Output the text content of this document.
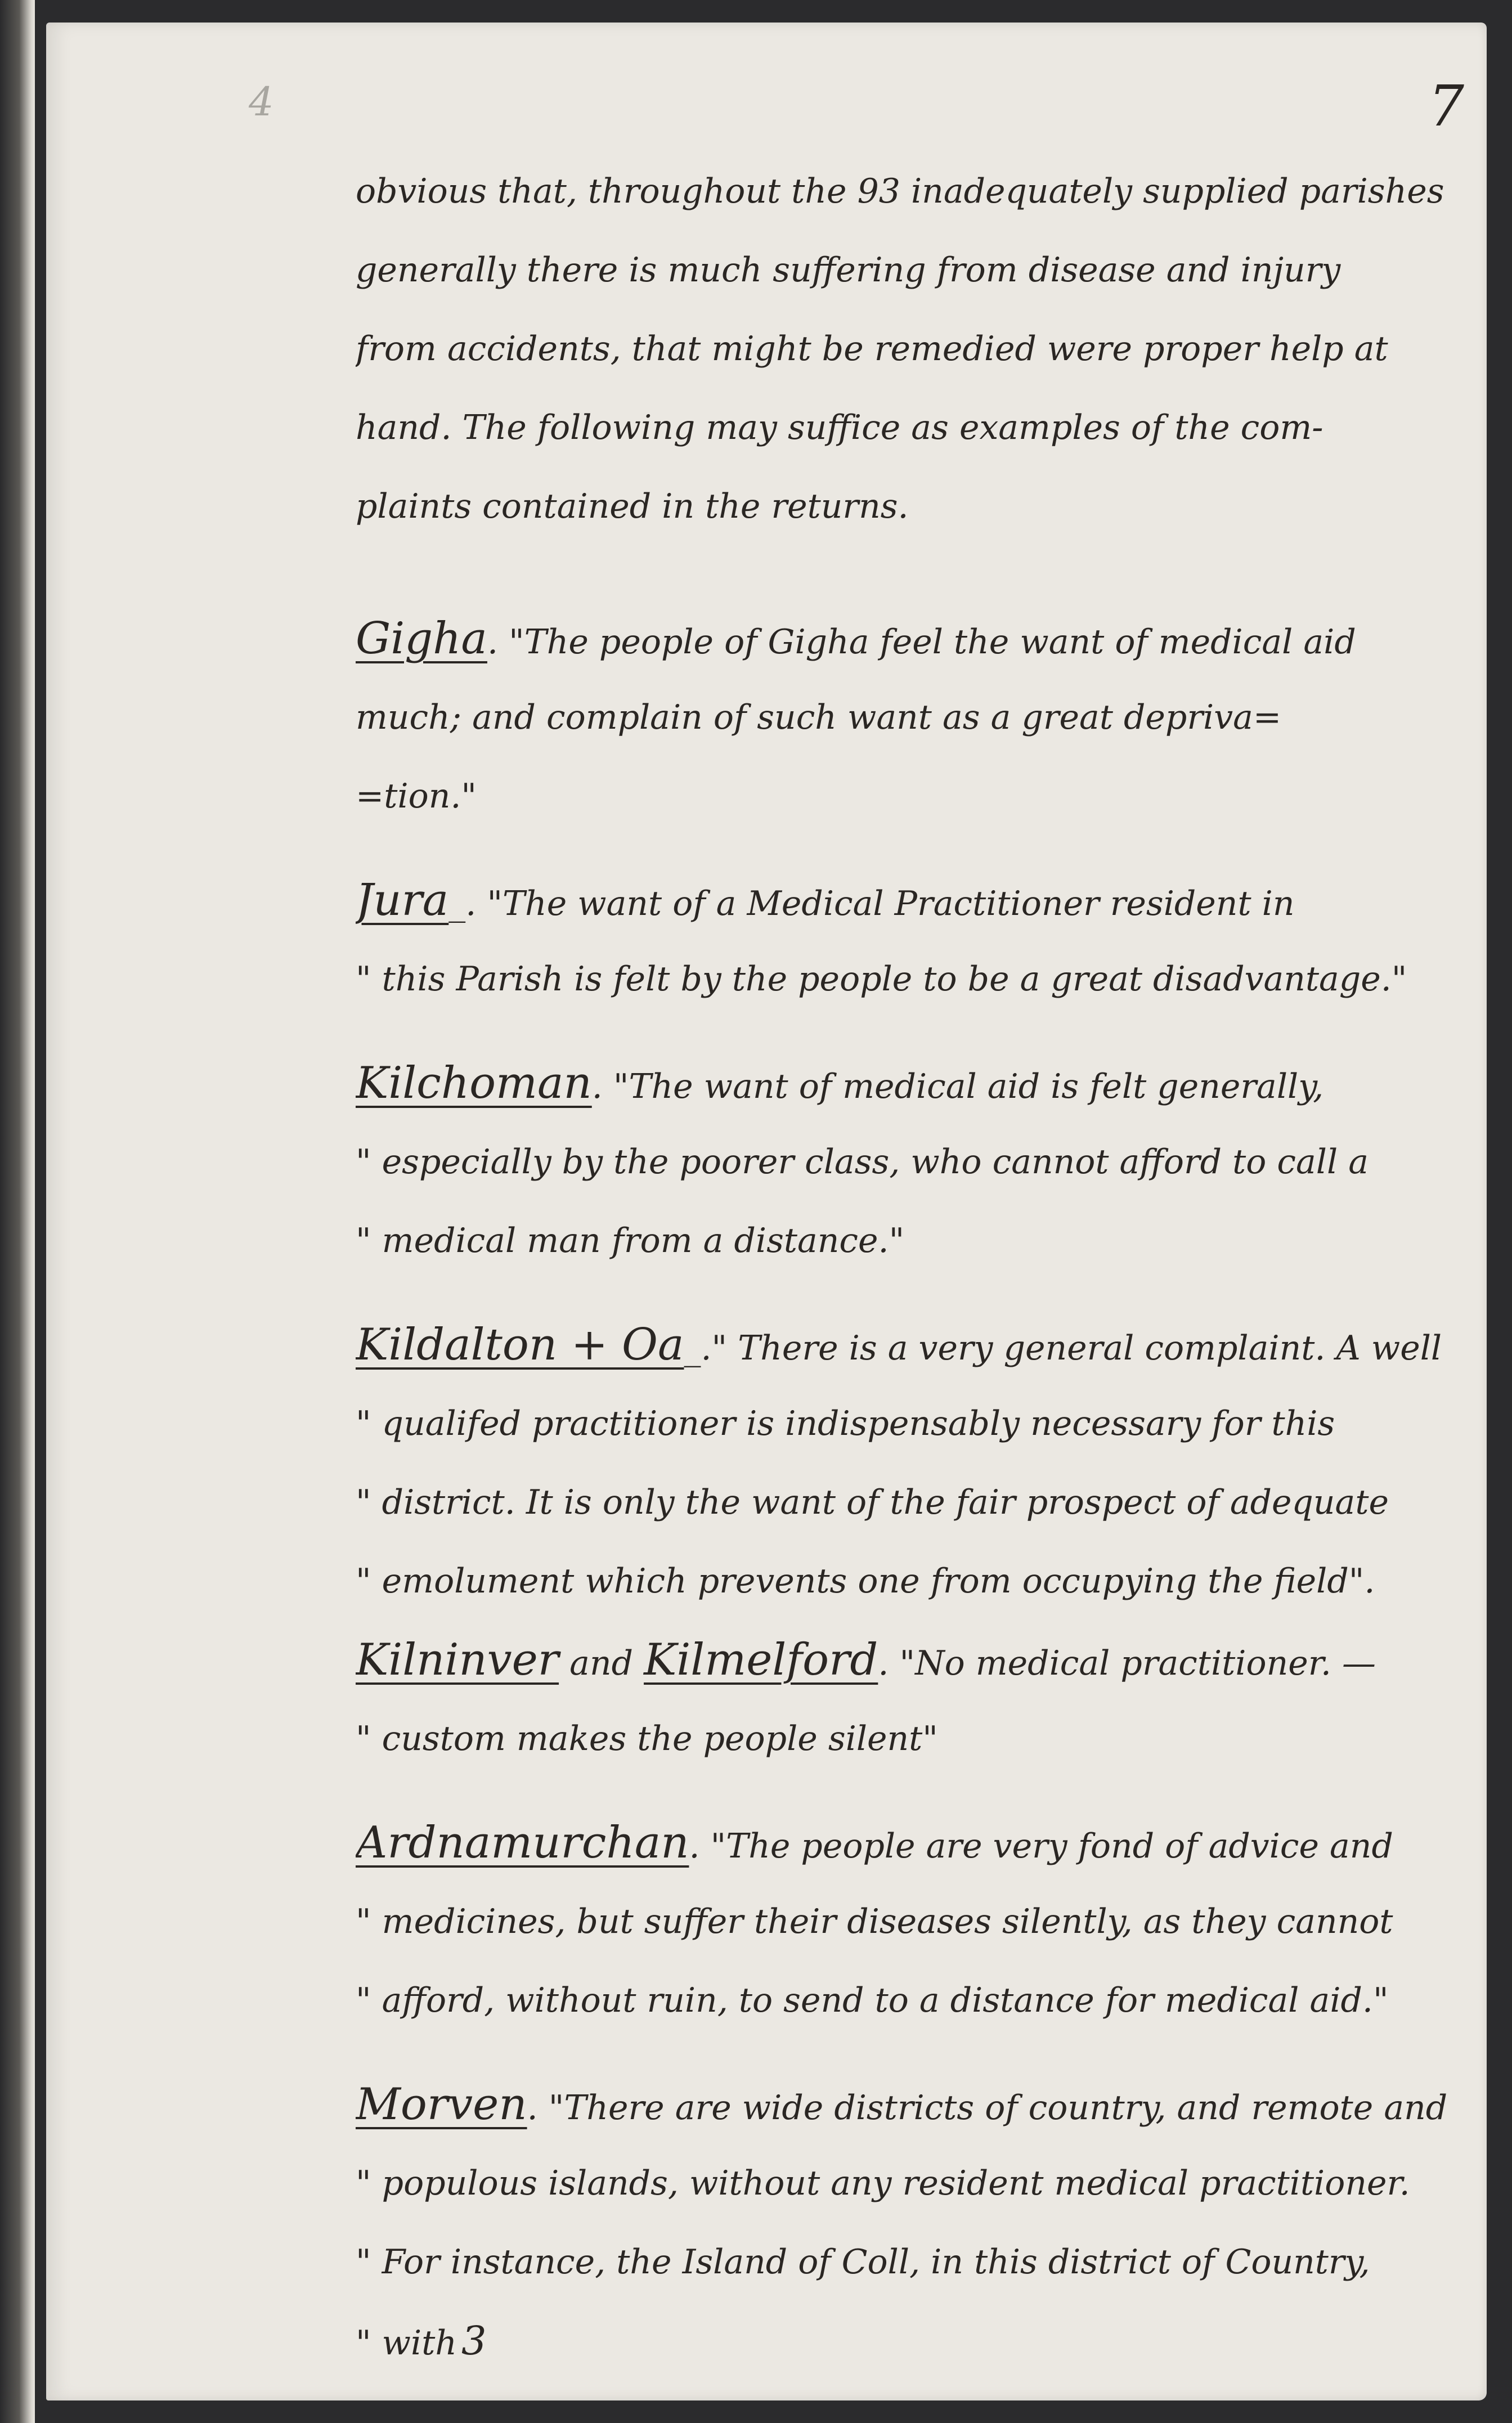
4	7
obvious that, throughout the 93 inadequately supplied parishes
generally there is much suffering from disease and injury
from accidents, that might be remedied were proper help at
hand. The following may suffice as examples of the com-
plaints contained in the returns.
Gigha. "The people of Gigha feel the want of medical aid
much; and complain of such want as a great depriva=
=tion."
Jura_. "The want of a Medical Practitioner resident in
" this Parish is felt by the people to be a great disadvantage."
Kilchoman. "The want of medical aid is felt generally,
" especially by the poorer class, who cannot afford to call a
" medical man from a distance."
Kildalton + Oa_." There is a very general complaint. A well
" qualifed practitioner is indispensably necessary for this
" district. It is only the want of the fair prospect of adequate
" emolument which prevents one from occupying the field".
Kilninver and Kilmelford. "No medical practitioner. —
" custom makes the people silent"
Ardnamurchan. "The people are very fond of advice and
" medicines, but suffer their diseases silently, as they cannot
" afford, without ruin, to send to a distance for medical aid."
Morven. "There are wide districts of country, and remote and
" populous islands, without any resident medical practitioner.
" For instance, the Island of Coll, in this district of Country,
" with 3
